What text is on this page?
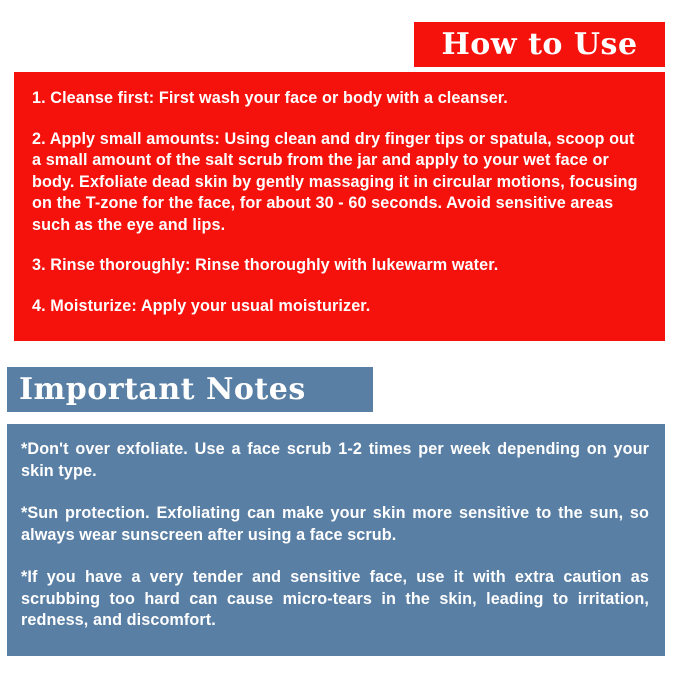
How to Use

1. Cleanse first: First wash your face or body with a cleanser.

2. Apply small amounts: Using clean and dry finger tips or spatula, scoop out a small amount of the salt scrub from the jar and apply to your wet face or body. Exfoliate dead skin by gently massaging it in circular motions, focusing on the T-zone for the face, for about 30 - 60 seconds. Avoid sensitive areas such as the eye and lips.

3. Rinse thoroughly: Rinse thoroughly with lukewarm water.

4. Moisturize: Apply your usual moisturizer.

Important Notes

*Don't over exfoliate. Use a face scrub 1-2 times per week depending on your skin type.

*Sun protection. Exfoliating can make your skin more sensitive to the sun, so always wear sunscreen after using a face scrub.

*If you have a very tender and sensitive face, use it with extra caution as scrubbing too hard can cause micro-tears in the skin, leading to irritation, redness, and discomfort.
